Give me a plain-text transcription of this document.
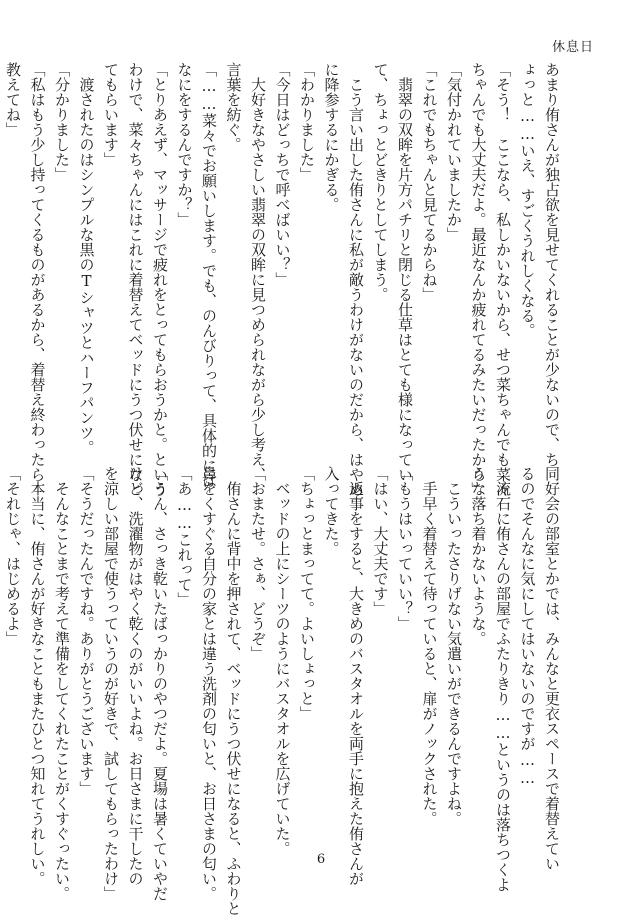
休息日
あまり侑さんが独占欲を見せてくれることが少ないので、ち
ょっと……いえ、すごくうれしくなる。
「そう！　ここなら、私しかいないから、せつ菜ちゃんでも菜々
ちゃんでも大丈夫だよ。最近なんか疲れてるみたいだったから」
「気付かれていましたか」
「これでもちゃんと見てるからね」
　翡翠の双眸を片方パチリと閉じる仕草はとても様になってい
て、ちょっとどきりとしてしまう。
　こう言い出した侑さんに私が敵うわけがないのだから、はやめ
に降参するにかぎる。
「わかりました」
「今日はどっちで呼べばいい？」
　大好きなやさしい翡翠の双眸に見つめられながら少し考え、
言葉を紡ぐ。
「……菜々でお願いします。でも、のんびりって、具体的には
なにをするんですか？」
「とりあえず、マッサージで疲れをとってもらおうかと。という
わけで、菜々ちゃんにはこれに着替えてベッドにうつ伏せになっ
てもらいます」
　渡されたのはシンプルな黒のTシャツとハーフパンツ。
「分かりました」
「私はもう少し持ってくるものがあるから、着替え終わったら
教えてね」
同好会の部室とかでは、みんなと更衣スペースで着替えてい
るのでそんなに気にしてはいないのですが……
　流石に侑さんの部屋でふたりきり……というのは落ちつくよ
うな落ち着かないような。
　こういったさりげない気遣いができるんですよね。
　手早く着替えて待っていると、扉がノックされた。
「もうはいっていい？」
「はい、大丈夫です」
　返事をすると、大きめのバスタオルを両手に抱えた侑さんが
入ってきた。
「ちょっとまってて。よいしょっと」
　ベッドの上にシーツのようにバスタオルを広げていた。
「おまたせ。さぁ、どうぞ」
　侑さんに背中を押されて、ベッドにうつ伏せになると、ふわりと
鼻をくすぐる自分の家とは違う洗剤の匂いと、お日さまの匂い。
「あ……これって」
「うん、さっき乾いたばっかりのやつだよ。夏場は暑くていやだ
けど、洗濯物がはやく乾くのがいいよね。お日さまに干したの
を涼しい部屋で使うっていうのが好きで、試してもらったわけ」
「そうだったんですね。ありがとうございます」
　そんなことまで考えて準備をしてくれたことがくすぐったい。
　本当に、侑さんが好きなこともまたひとつ知れてうれしい。
「それじゃ、はじめるよ」
6
